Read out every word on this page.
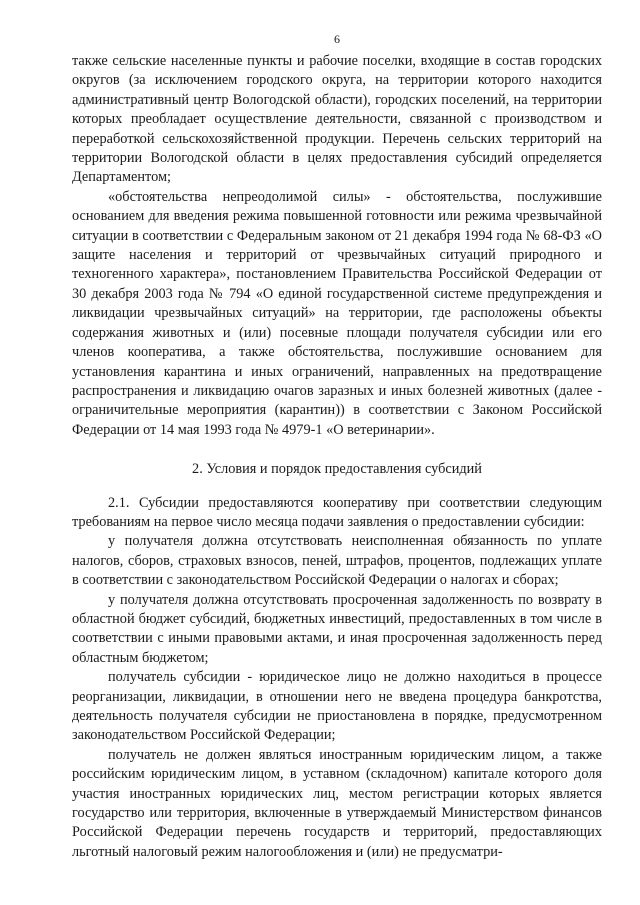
6

также сельские населенные пункты и рабочие поселки, входящие в состав городских округов (за исключением городского округа, на территории которого находится административный центр Вологодской области), городских поселений, на территории которых преобладает осуществление деятельности, связанной с производством и переработкой сельскохозяйственной продукции. Перечень сельских территорий на территории Вологодской области в целях предоставления субсидий определяется Департаментом;

«обстоятельства непреодолимой силы» - обстоятельства, послужившие основанием для введения режима повышенной готовности или режима чрезвычайной ситуации в соответствии с Федеральным законом от 21 декабря 1994 года № 68-ФЗ «О защите населения и территорий от чрезвычайных ситуаций природного и техногенного характера», постановлением Правительства Российской Федерации от 30 декабря 2003 года № 794 «О единой государственной системе предупреждения и ликвидации чрезвычайных ситуаций» на территории, где расположены объекты содержания животных и (или) посевные площади получателя субсидии или его членов кооператива, а также обстоятельства, послужившие основанием для установления карантина и иных ограничений, направленных на предотвращение распространения и ликвидацию очагов заразных и иных болезней животных (далее - ограничительные мероприятия (карантин)) в соответствии с Законом Российской Федерации от 14 мая 1993 года № 4979-1 «О ветеринарии».

2. Условия и порядок предоставления субсидий

2.1. Субсидии предоставляются кооперативу при соответствии следующим требованиям на первое число месяца подачи заявления о предоставлении субсидии:

у получателя должна отсутствовать неисполненная обязанность по уплате налогов, сборов, страховых взносов, пеней, штрафов, процентов, подлежащих уплате в соответствии с законодательством Российской Федерации о налогах и сборах;

у получателя должна отсутствовать просроченная задолженность по возврату в областной бюджет субсидий, бюджетных инвестиций, предоставленных в том числе в соответствии с иными правовыми актами, и иная просроченная задолженность перед областным бюджетом;

получатель субсидии - юридическое лицо не должно находиться в процессе реорганизации, ликвидации, в отношении него не введена процедура банкротства, деятельность получателя субсидии не приостановлена в порядке, предусмотренном законодательством Российской Федерации;

получатель не должен являться иностранным юридическим лицом, а также российским юридическим лицом, в уставном (складочном) капитале которого доля участия иностранных юридических лиц, местом регистрации которых является государство или территория, включенные в утверждаемый Министерством финансов Российской Федерации перечень государств и территорий, предоставляющих льготный налоговый режим налогообложения и (или) не предусматри-
